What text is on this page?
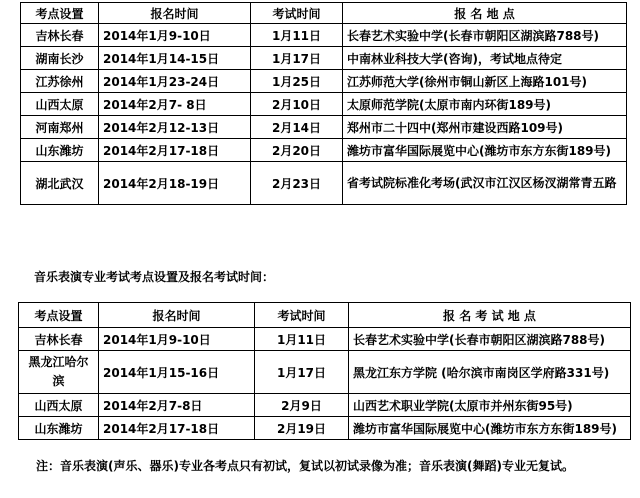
考点设置	报名时间	考试时间	报 名 地 点
吉林长春	2014年1月9-10日	1月11日	长春艺术实验中学(长春市朝阳区湖滨路788号)
湖南长沙	2014年1月14-15日	1月17日	中南林业科技大学(咨询)，考试地点待定
江苏徐州	2014年1月23-24日	1月25日	江苏师范大学(徐州市铜山新区上海路101号)
山西太原	2014年2月7- 8日	2月10日	太原师范学院(太原市南内环街189号)
河南郑州	2014年2月12-13日	2月14日	郑州市二十四中(郑州市建设西路109号)
山东潍坊	2014年2月17-18日	2月20日	潍坊市富华国际展览中心(潍坊市东方东街189号)
湖北武汉	2014年2月18-19日	2月23日	省考试院标准化考场(武汉市江汉区杨汊湖常青五路
音乐表演专业考试考点设置及报名考试时间：
考点设置	报名时间	考试时间	报 名 考 试 地 点
吉林长春	2014年1月9-10日	1月11日	长春艺术实验中学(长春市朝阳区湖滨路788号)
黑龙江哈尔滨	2014年1月15-16日	1月17日	黑龙江东方学院 (哈尔滨市南岗区学府路331号)
山西太原	2014年2月7-8日	2月9日	山西艺术职业学院(太原市并州东街95号)
山东潍坊	2014年2月17-18日	2月19日	潍坊市富华国际展览中心(潍坊市东方东街189号)
注：音乐表演(声乐、器乐)专业各考点只有初试，复试以初试录像为准；音乐表演(舞蹈)专业无复试。
